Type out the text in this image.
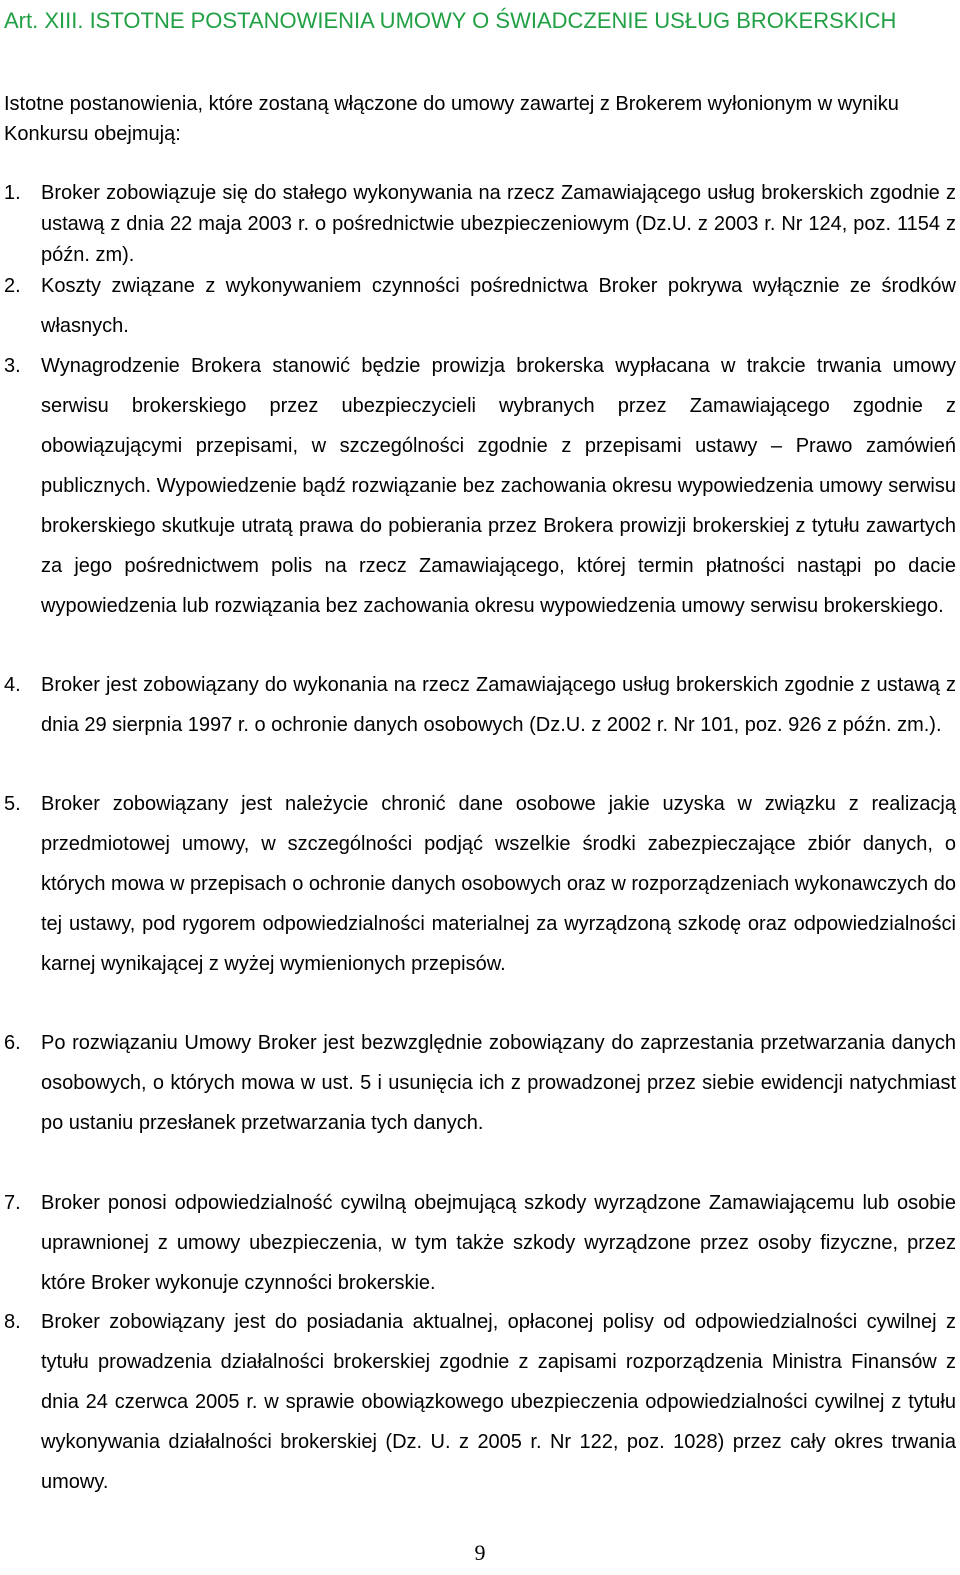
Art. XIII. ISTOTNE POSTANOWIENIA UMOWY O ŚWIADCZENIE USŁUG BROKERSKICH

Istotne postanowienia, które zostaną włączone do umowy zawartej z Brokerem wyłonionym w wyniku Konkursu obejmują:

1.	Broker zobowiązuje się do stałego wykonywania na rzecz Zamawiającego usług brokerskich zgodnie z ustawą z dnia 22 maja 2003 r. o pośrednictwie ubezpieczeniowym (Dz.U. z 2003 r. Nr 124, poz. 1154 z późn. zm).
2.	Koszty związane z wykonywaniem czynności pośrednictwa Broker pokrywa wyłącznie ze środków własnych.
3.	Wynagrodzenie Brokera stanowić będzie prowizja brokerska wypłacana w trakcie trwania umowy serwisu brokerskiego przez ubezpieczycieli wybranych przez Zamawiającego zgodnie z obowiązującymi przepisami, w szczególności zgodnie z przepisami ustawy – Prawo zamówień publicznych. Wypowiedzenie bądź rozwiązanie bez zachowania okresu wypowiedzenia umowy serwisu brokerskiego skutkuje utratą prawa do pobierania przez Brokera prowizji brokerskiej z tytułu zawartych za jego pośrednictwem polis na rzecz Zamawiającego, której termin płatności nastąpi po dacie wypowiedzenia lub rozwiązania bez zachowania okresu wypowiedzenia umowy serwisu brokerskiego.
4.	Broker jest zobowiązany do wykonania na rzecz Zamawiającego usług brokerskich zgodnie z ustawą z dnia 29 sierpnia 1997 r. o ochronie danych osobowych (Dz.U. z 2002 r. Nr 101, poz. 926 z późn. zm.).
5.	Broker zobowiązany jest należycie chronić dane osobowe jakie uzyska w związku z realizacją przedmiotowej umowy, w szczególności podjąć wszelkie środki zabezpieczające zbiór danych, o których mowa w przepisach o ochronie danych osobowych oraz w rozporządzeniach wykonawczych do tej ustawy, pod rygorem odpowiedzialności materialnej za wyrządzoną szkodę oraz odpowiedzialności karnej wynikającej z wyżej wymienionych przepisów.
6.	Po rozwiązaniu Umowy Broker jest bezwzględnie zobowiązany do zaprzestania przetwarzania danych osobowych, o których mowa w ust. 5 i usunięcia ich z prowadzonej przez siebie ewidencji natychmiast po ustaniu przesłanek przetwarzania tych danych.
7.	Broker ponosi odpowiedzialność cywilną obejmującą szkody wyrządzone Zamawiającemu lub osobie uprawnionej z umowy ubezpieczenia, w tym także szkody wyrządzone przez osoby fizyczne, przez które Broker wykonuje czynności brokerskie.
8.	Broker zobowiązany jest do posiadania aktualnej, opłaconej polisy od odpowiedzialności cywilnej z tytułu prowadzenia działalności brokerskiej zgodnie z zapisami rozporządzenia Ministra Finansów z dnia 24 czerwca 2005 r. w sprawie obowiązkowego ubezpieczenia odpowiedzialności cywilnej z tytułu wykonywania działalności brokerskiej (Dz. U. z 2005 r. Nr 122, poz. 1028) przez cały okres trwania umowy.
9
